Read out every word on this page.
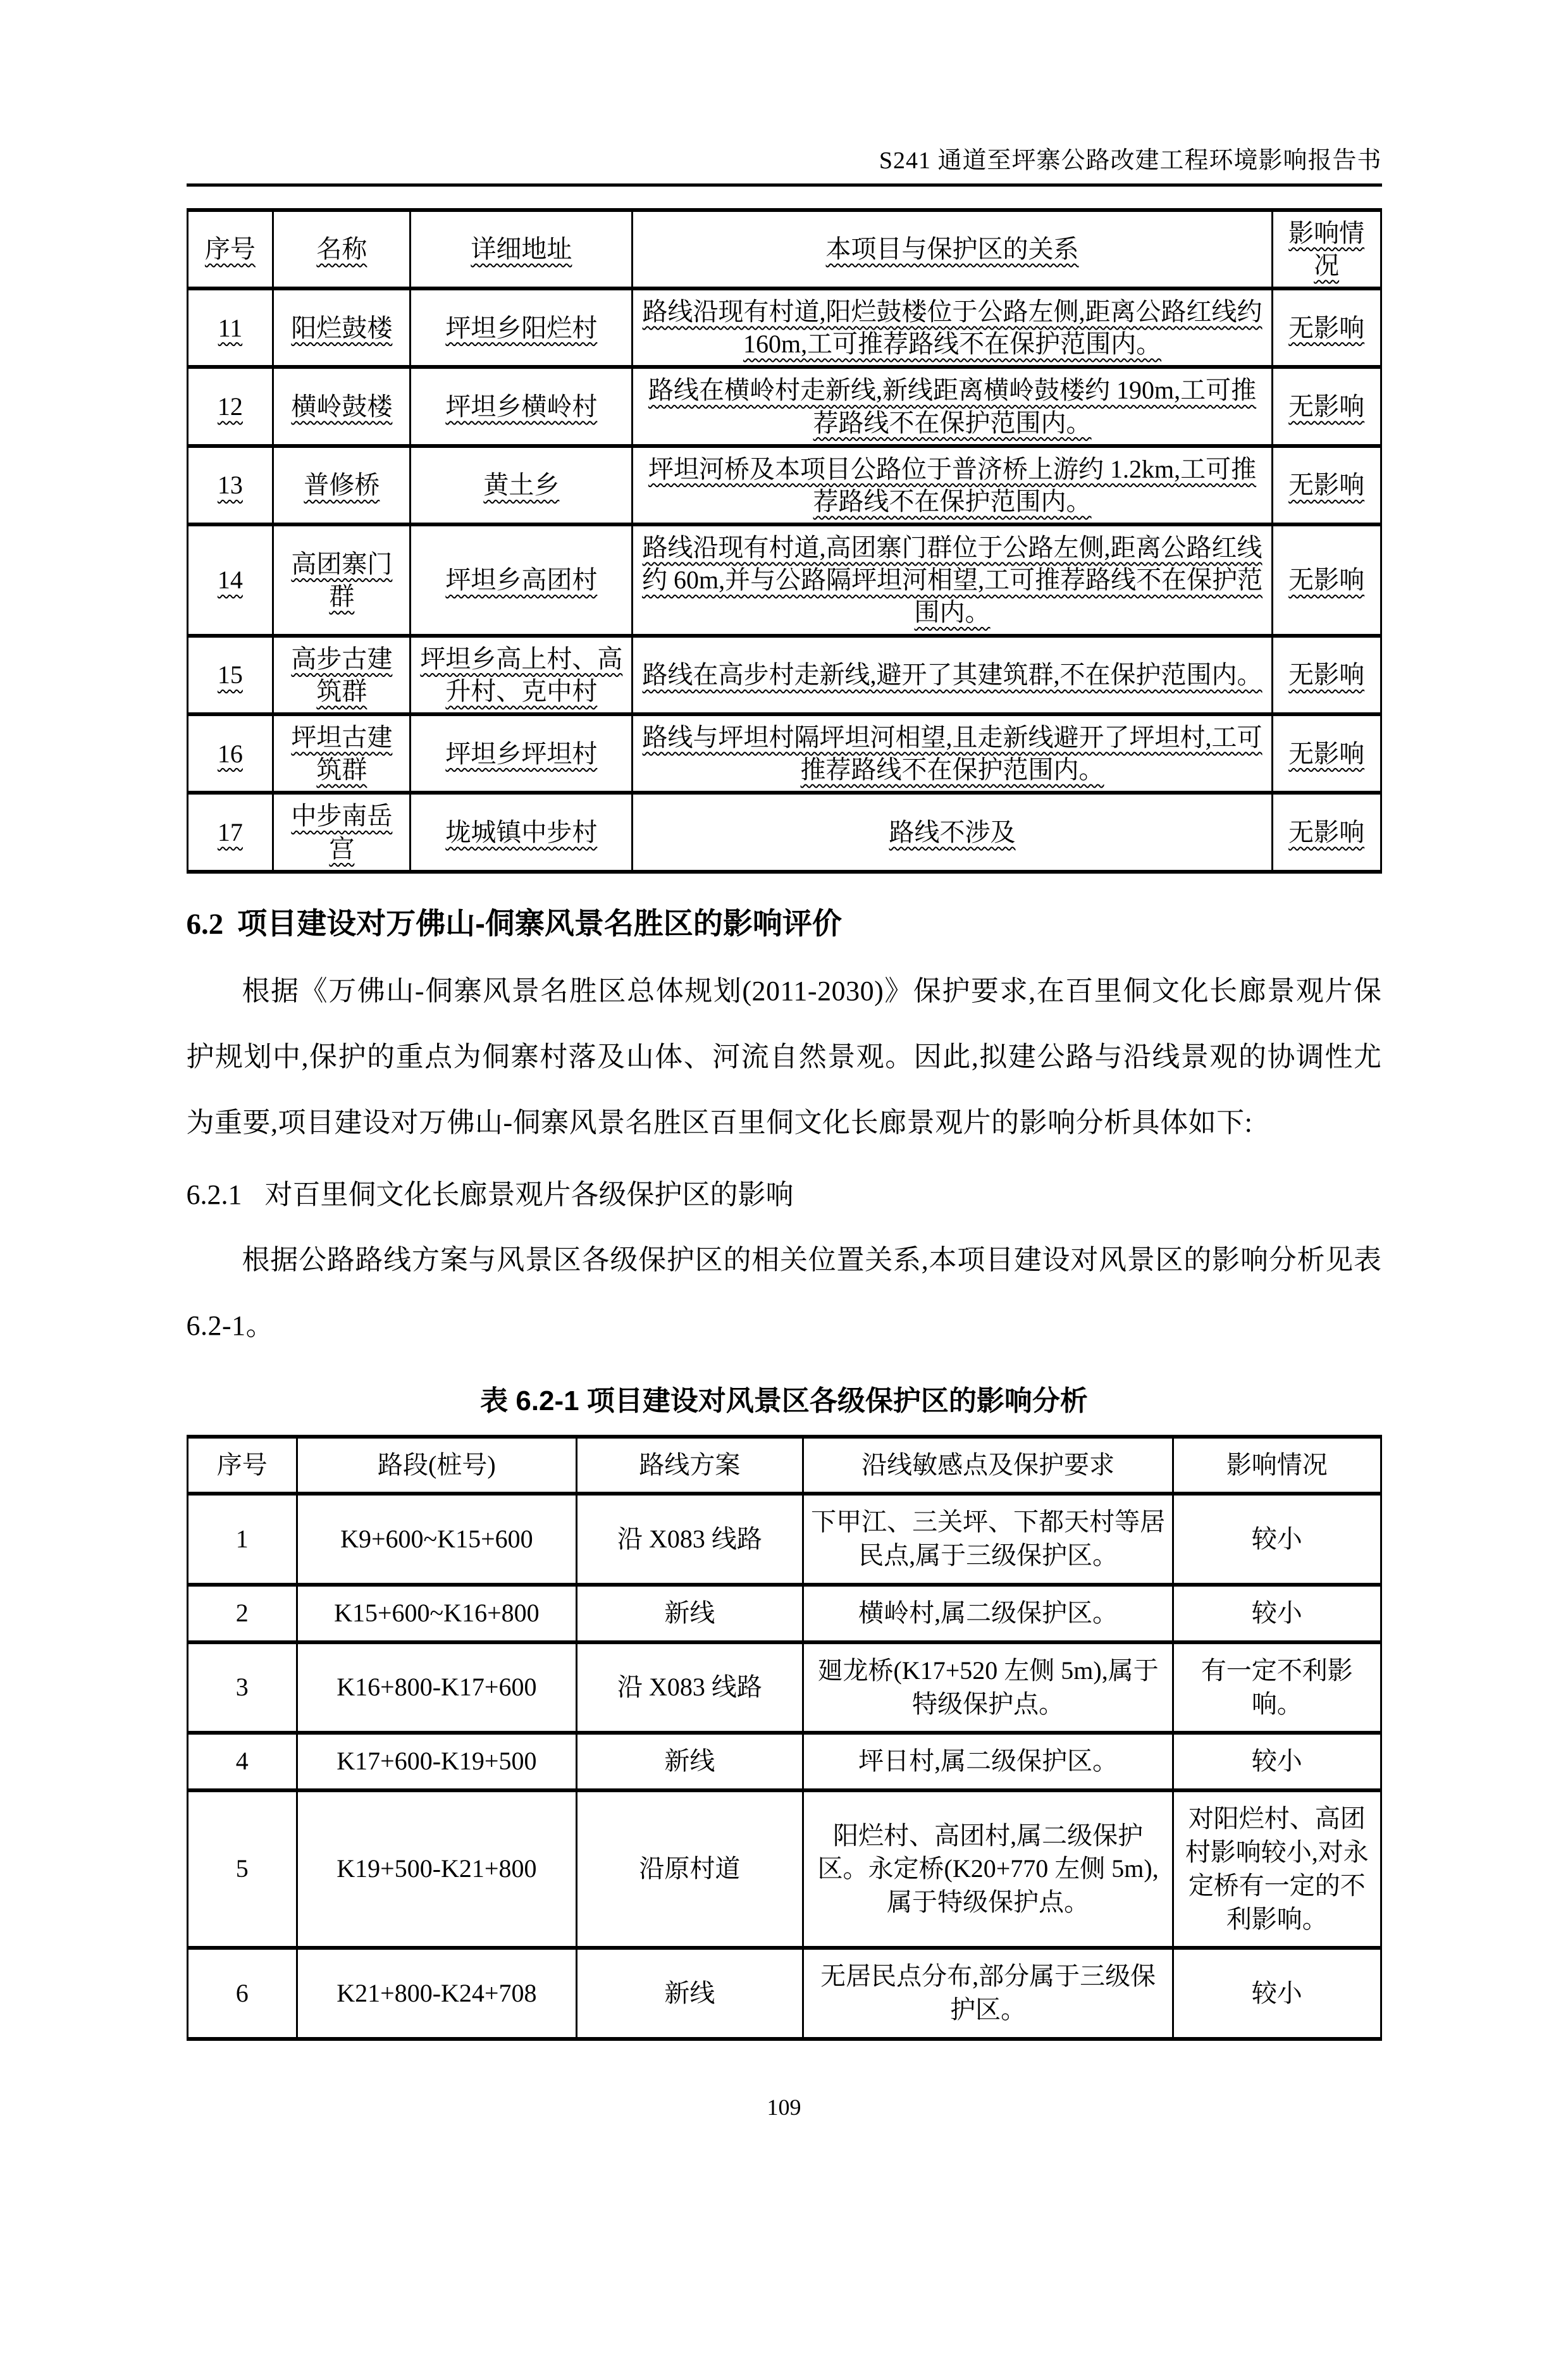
S241 通道至坪寨公路改建工程环境影响报告书
序号	名称	详细地址	本项目与保护区的关系	影响情况
11	阳烂鼓楼	坪坦乡阳烂村	路线沿现有村道,阳烂鼓楼位于公路左侧,距离公路红线约 160m,工可推荐路线不在保护范围内。	无影响
12	横岭鼓楼	坪坦乡横岭村	路线在横岭村走新线,新线距离横岭鼓楼约 190m,工可推荐路线不在保护范围内。	无影响
13	普修桥	黄土乡	坪坦河桥及本项目公路位于普济桥上游约 1.2km,工可推荐路线不在保护范围内。	无影响
14	高团寨门群	坪坦乡高团村	路线沿现有村道,高团寨门群位于公路左侧,距离公路红线约 60m,并与公路隔坪坦河相望,工可推荐路线不在保护范围内。	无影响
15	高步古建筑群	坪坦乡高上村、高升村、克中村	路线在高步村走新线,避开了其建筑群,不在保护范围内。	无影响
16	坪坦古建筑群	坪坦乡坪坦村	路线与坪坦村隔坪坦河相望,且走新线避开了坪坦村,工可推荐路线不在保护范围内。	无影响
17	中步南岳宫	垅城镇中步村	路线不涉及	无影响
6.2 项目建设对万佛山-侗寨风景名胜区的影响评价

根据《万佛山-侗寨风景名胜区总体规划(2011-2030)》保护要求,在百里侗文化长廊景观片保护规划中,保护的重点为侗寨村落及山体、河流自然景观。因此,拟建公路与沿线景观的协调性尤为重要,项目建设对万佛山-侗寨风景名胜区百里侗文化长廊景观片的影响分析具体如下:

6.2.1 对百里侗文化长廊景观片各级保护区的影响

根据公路路线方案与风景区各级保护区的相关位置关系,本项目建设对风景区的影响分析见表 6.2-1。

表 6.2-1 项目建设对风景区各级保护区的影响分析
序号	路段(桩号)	路线方案	沿线敏感点及保护要求	影响情况
1	K9+600~K15+600	沿 X083 线路	下甲江、三关坪、下都天村等居民点,属于三级保护区。	较小
2	K15+600~K16+800	新线	横岭村,属二级保护区。	较小
3	K16+800-K17+600	沿 X083 线路	廻龙桥(K17+520 左侧 5m),属于特级保护点。	有一定不利影响。
4	K17+600-K19+500	新线	坪日村,属二级保护区。	较小
5	K19+500-K21+800	沿原村道	阳烂村、高团村,属二级保护区。永定桥(K20+770 左侧 5m),属于特级保护点。	对阳烂村、高团村影响较小,对永定桥有一定的不利影响。
6	K21+800-K24+708	新线	无居民点分布,部分属于三级保护区。	较小
109
